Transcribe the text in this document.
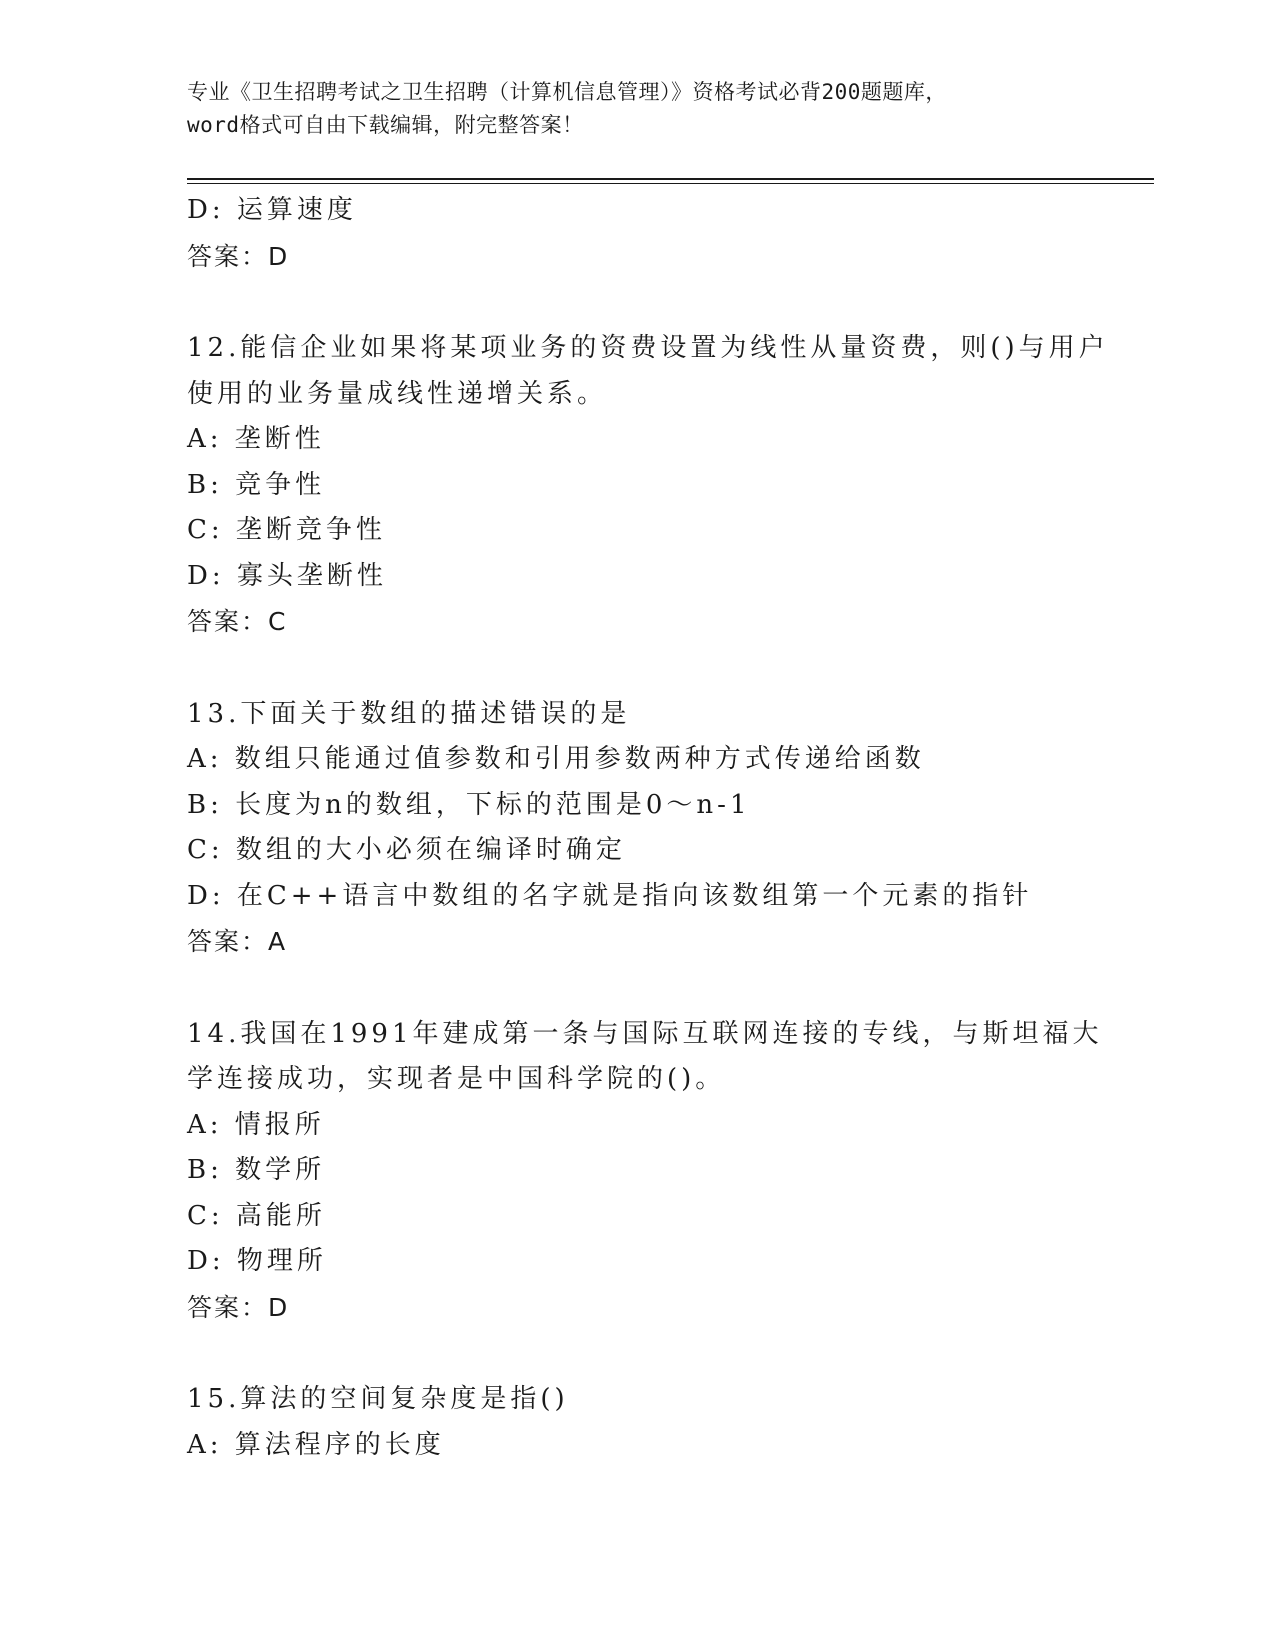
专业《卫生招聘考试之卫生招聘（计算机信息管理）》资格考试必背200题题库，
word格式可自由下载编辑，附完整答案！
D: 运算速度
答案：D
12.能信企业如果将某项业务的资费设置为线性从量资费，则()与用户
使用的业务量成线性递增关系。
A: 垄断性
B: 竞争性
C: 垄断竞争性
D: 寡头垄断性
答案：C
13.下面关于数组的描述错误的是
A: 数组只能通过值参数和引用参数两种方式传递给函数
B: 长度为n的数组，下标的范围是0～n-1
C: 数组的大小必须在编译时确定
D: 在C++语言中数组的名字就是指向该数组第一个元素的指针
答案：A
14.我国在1991年建成第一条与国际互联网连接的专线，与斯坦福大
学连接成功，实现者是中国科学院的()。
A: 情报所
B: 数学所
C: 高能所
D: 物理所
答案：D
15.算法的空间复杂度是指()
A: 算法程序的长度
